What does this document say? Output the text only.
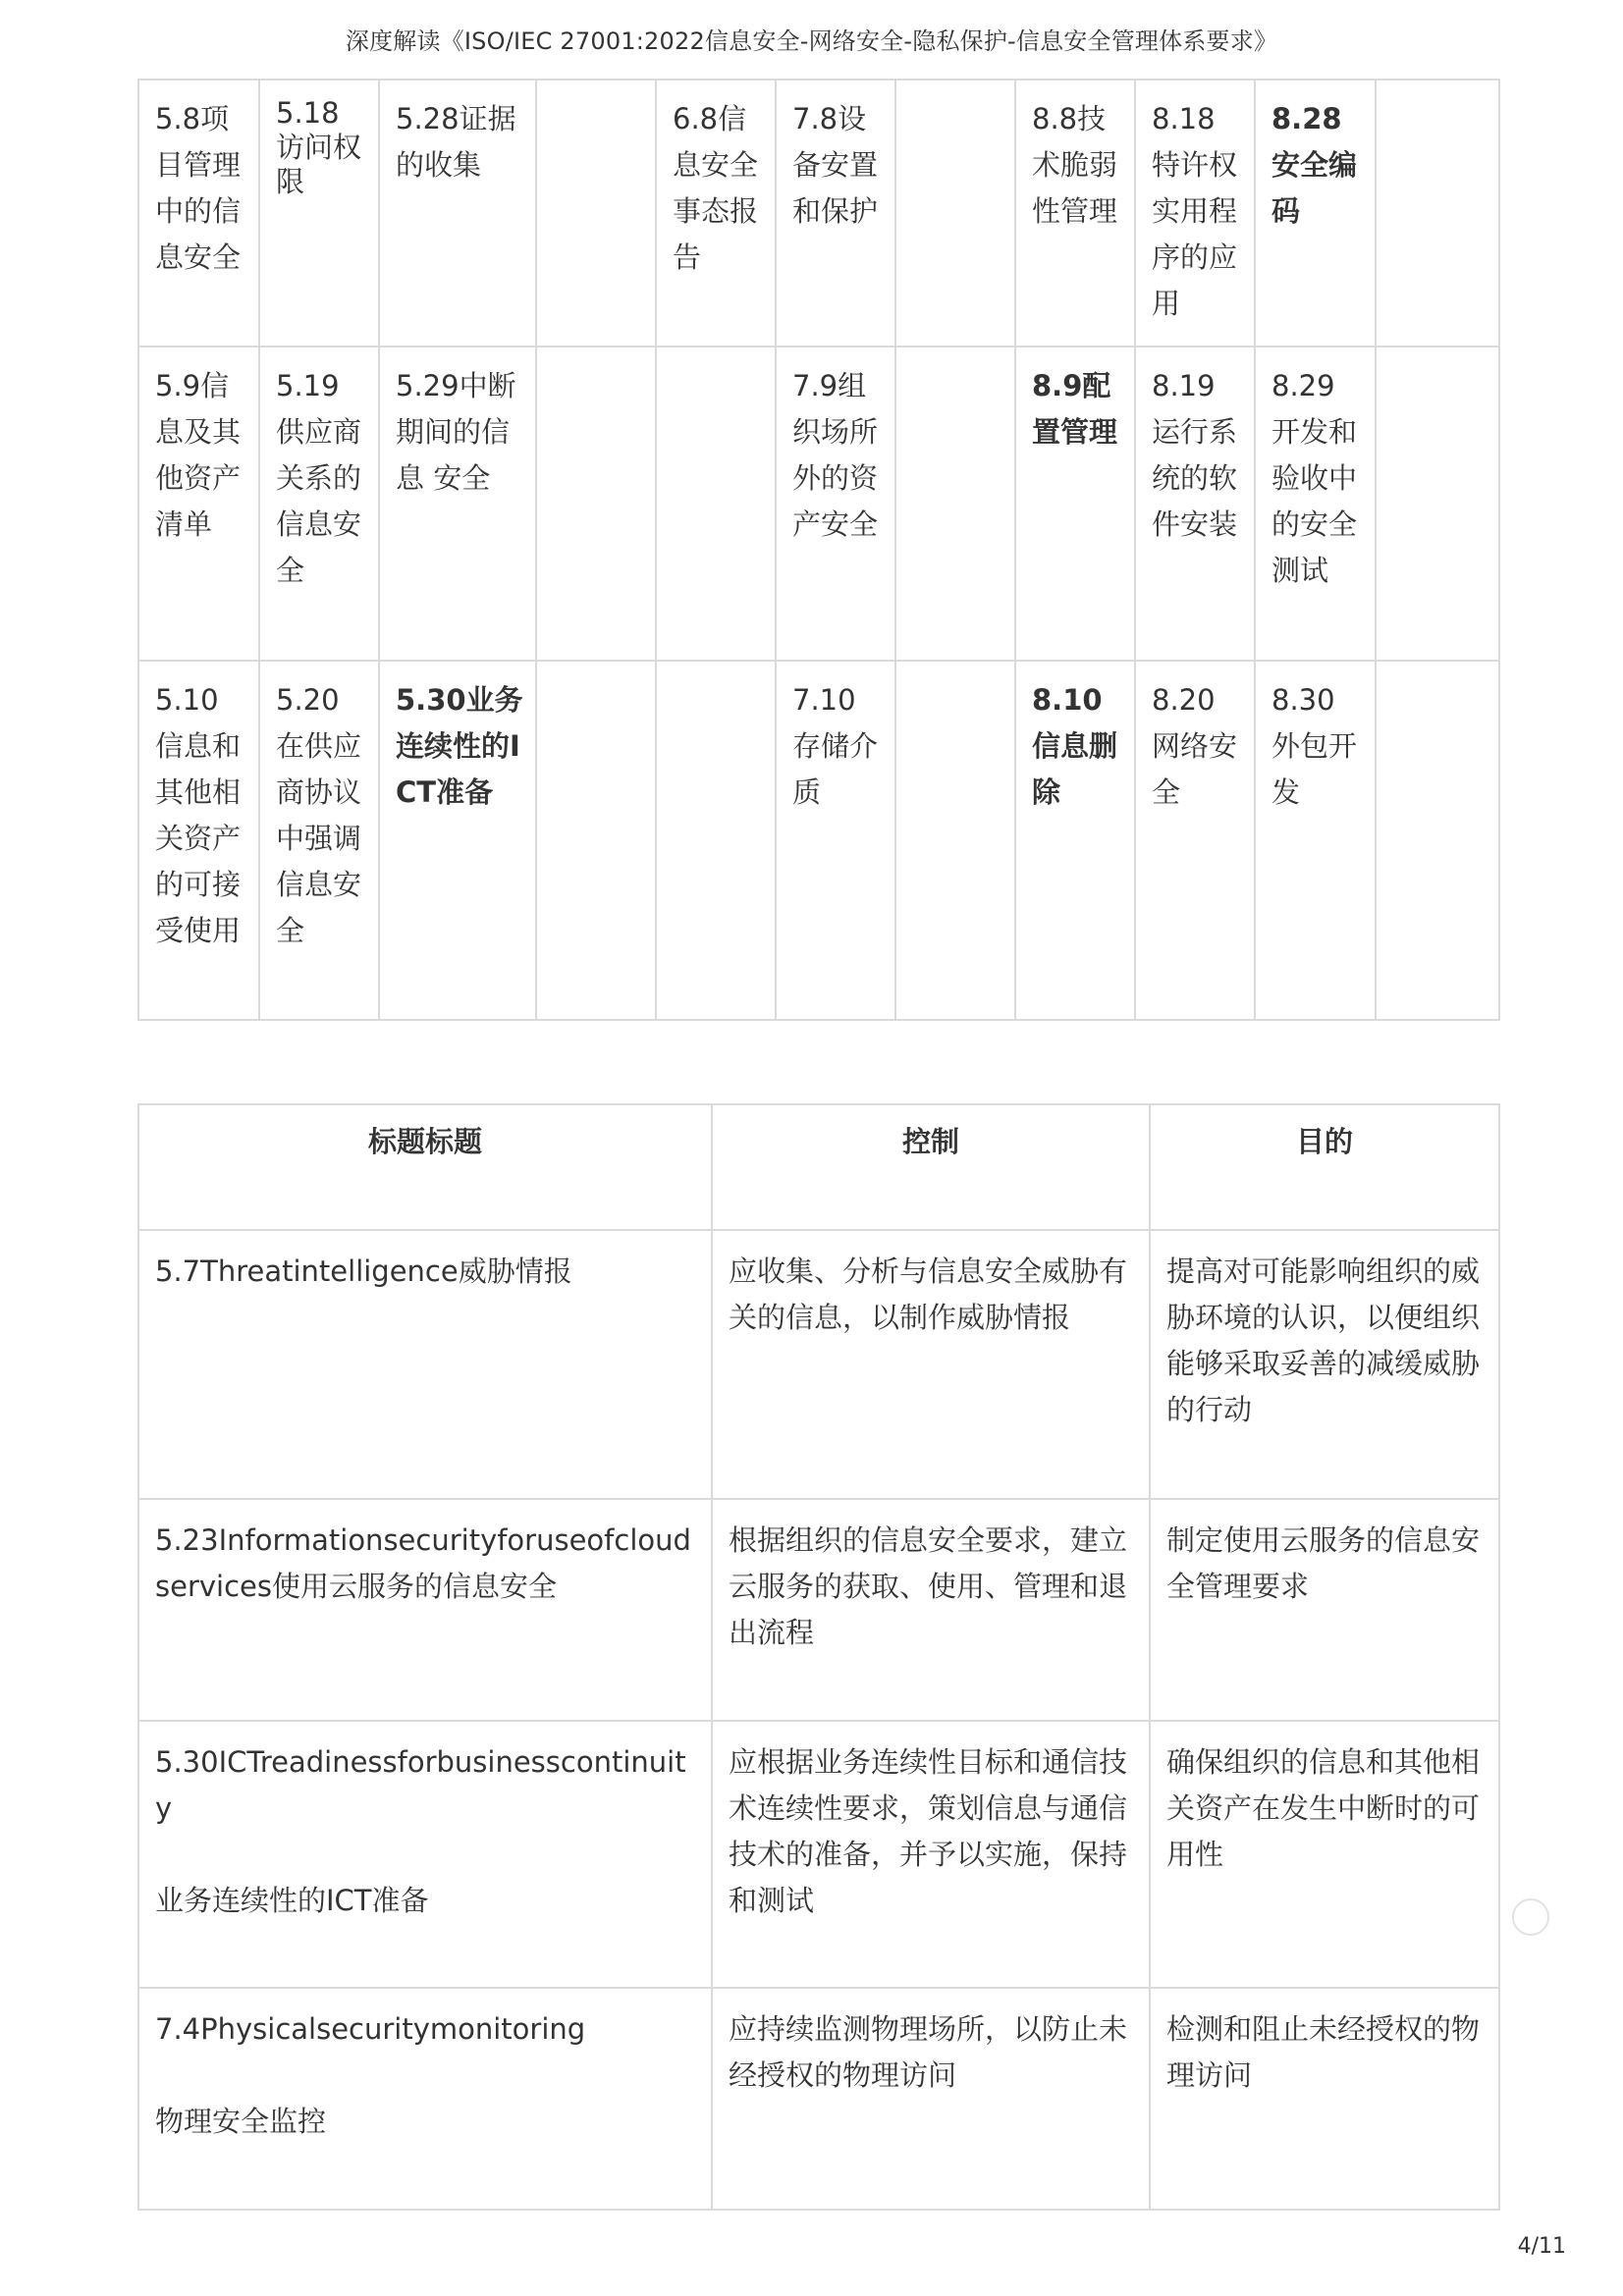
深度解读《ISO/IEC 27001:2022信息安全-网络安全-隐私保护-信息安全管理体系要求》
5.8项目管理中的信息安全	5.18访问权限	5.28证据的收集		6.8信息安全事态报告	7.8设备安置和保护		8.8技术脆弱性管理	8.18特许权实用程序的应用	8.28安全编码	
5.9信息及其他资产清单	5.19供应商关系的信息安全	5.29中断期间的信息 安全			7.9组织场所外的资产安全		8.9配置管理	8.19运行系统的软件安装	8.29开发和验收中的安全测试	
5.10信息和其他相关资产的可接受使用	5.20在供应商协议中强调信息安全	5.30业务连续性的ICT准备			7.10存储介质		8.10信息删除	8.20网络安全	8.30外包开发	
标题标题	控制	目的

5.7Threatintelligence威胁情报	应收集、分析与信息安全威胁有关的信息，以制作威胁情报	提高对可能影响组织的威胁环境的认识，以便组织能够采取妥善的减缓威胁的行动

5.23Informationsecurityforuseofcloud services使用云服务的信息安全	根据组织的信息安全要求，建立云服务的获取、使用、管理和退出流程	制定使用云服务的信息安全管理要求

5.30ICTreadinessforbusinesscontinuity
业务连续性的ICT准备	应根据业务连续性目标和通信技术连续性要求，策划信息与通信技术的准备，并予以实施，保持和测试	确保组织的信息和其他相关资产在发生中断时的可用性

7.4Physicalsecuritymonitoring
物理安全监控	应持续监测物理场所，以防止未经授权的物理访问	检测和阻止未经授权的物理访问
4/11
